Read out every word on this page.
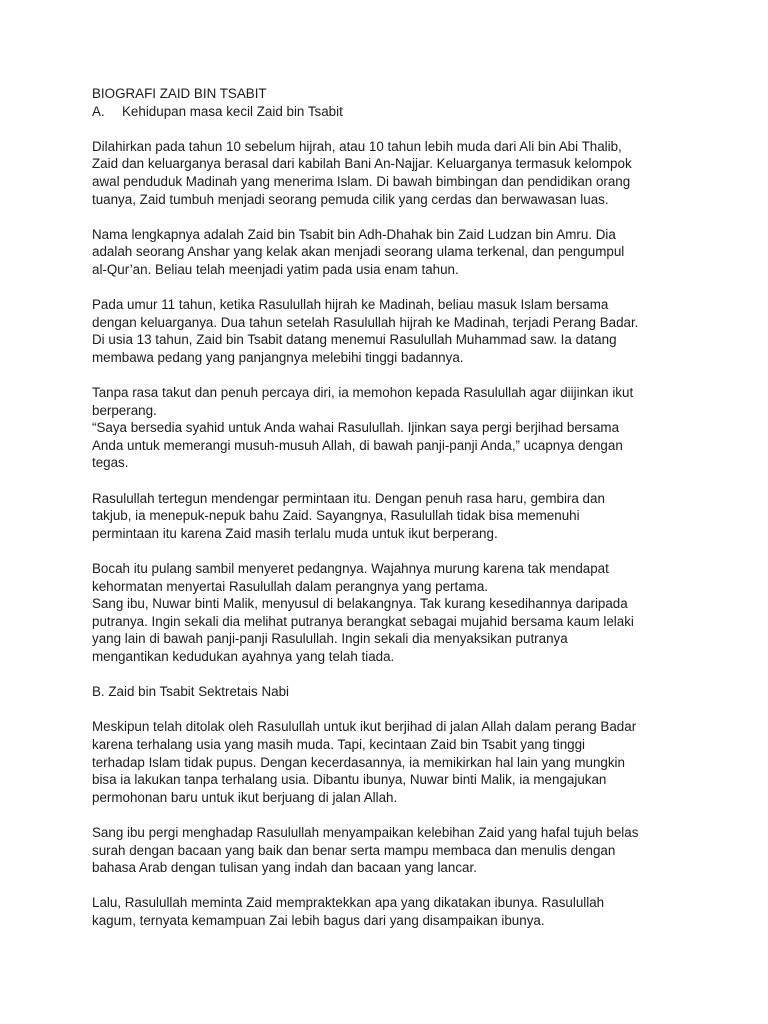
BIOGRAFI ZAID BIN TSABIT
A. Kehidupan masa kecil Zaid bin Tsabit
Dilahirkan pada tahun 10 sebelum hijrah, atau 10 tahun lebih muda dari Ali bin Abi Thalib,
Zaid dan keluarganya berasal dari kabilah Bani An-Najjar. Keluarganya termasuk kelompok
awal penduduk Madinah yang menerima Islam. Di bawah bimbingan dan pendidikan orang
tuanya, Zaid tumbuh menjadi seorang pemuda cilik yang cerdas dan berwawasan luas.
Nama lengkapnya adalah Zaid bin Tsabit bin Adh-Dhahak bin Zaid Ludzan bin Amru. Dia
adalah seorang Anshar yang kelak akan menjadi seorang ulama terkenal, dan pengumpul
al-Qur’an. Beliau telah meenjadi yatim pada usia enam tahun.
Pada umur 11 tahun, ketika Rasulullah hijrah ke Madinah, beliau masuk Islam bersama
dengan keluarganya. Dua tahun setelah Rasulullah hijrah ke Madinah, terjadi Perang Badar.
Di usia 13 tahun, Zaid bin Tsabit datang menemui Rasulullah Muhammad saw. Ia datang
membawa pedang yang panjangnya melebihi tinggi badannya.
Tanpa rasa takut dan penuh percaya diri, ia memohon kepada Rasulullah agar diijinkan ikut
berperang.
“Saya bersedia syahid untuk Anda wahai Rasulullah. Ijinkan saya pergi berjihad bersama
Anda untuk memerangi musuh-musuh Allah, di bawah panji-panji Anda,” ucapnya dengan
tegas.
Rasulullah tertegun mendengar permintaan itu. Dengan penuh rasa haru, gembira dan
takjub, ia menepuk-nepuk bahu Zaid. Sayangnya, Rasulullah tidak bisa memenuhi
permintaan itu karena Zaid masih terlalu muda untuk ikut berperang.
Bocah itu pulang sambil menyeret pedangnya. Wajahnya murung karena tak mendapat
kehormatan menyertai Rasulullah dalam perangnya yang pertama.
Sang ibu, Nuwar binti Malik, menyusul di belakangnya. Tak kurang kesedihannya daripada
putranya. Ingin sekali dia melihat putranya berangkat sebagai mujahid bersama kaum lelaki
yang lain di bawah panji-panji Rasulullah. Ingin sekali dia menyaksikan putranya
mengantikan kedudukan ayahnya yang telah tiada.
B. Zaid bin Tsabit Sektretais Nabi
Meskipun telah ditolak oleh Rasulullah untuk ikut berjihad di jalan Allah dalam perang Badar
karena terhalang usia yang masih muda. Tapi, kecintaan Zaid bin Tsabit yang tinggi
terhadap Islam tidak pupus. Dengan kecerdasannya, ia memikirkan hal lain yang mungkin
bisa ia lakukan tanpa terhalang usia. Dibantu ibunya, Nuwar binti Malik, ia mengajukan
permohonan baru untuk ikut berjuang di jalan Allah.
Sang ibu pergi menghadap Rasulullah menyampaikan kelebihan Zaid yang hafal tujuh belas
surah dengan bacaan yang baik dan benar serta mampu membaca dan menulis dengan
bahasa Arab dengan tulisan yang indah dan bacaan yang lancar.
Lalu, Rasulullah meminta Zaid mempraktekkan apa yang dikatakan ibunya. Rasulullah
kagum, ternyata kemampuan Zai lebih bagus dari yang disampaikan ibunya.
